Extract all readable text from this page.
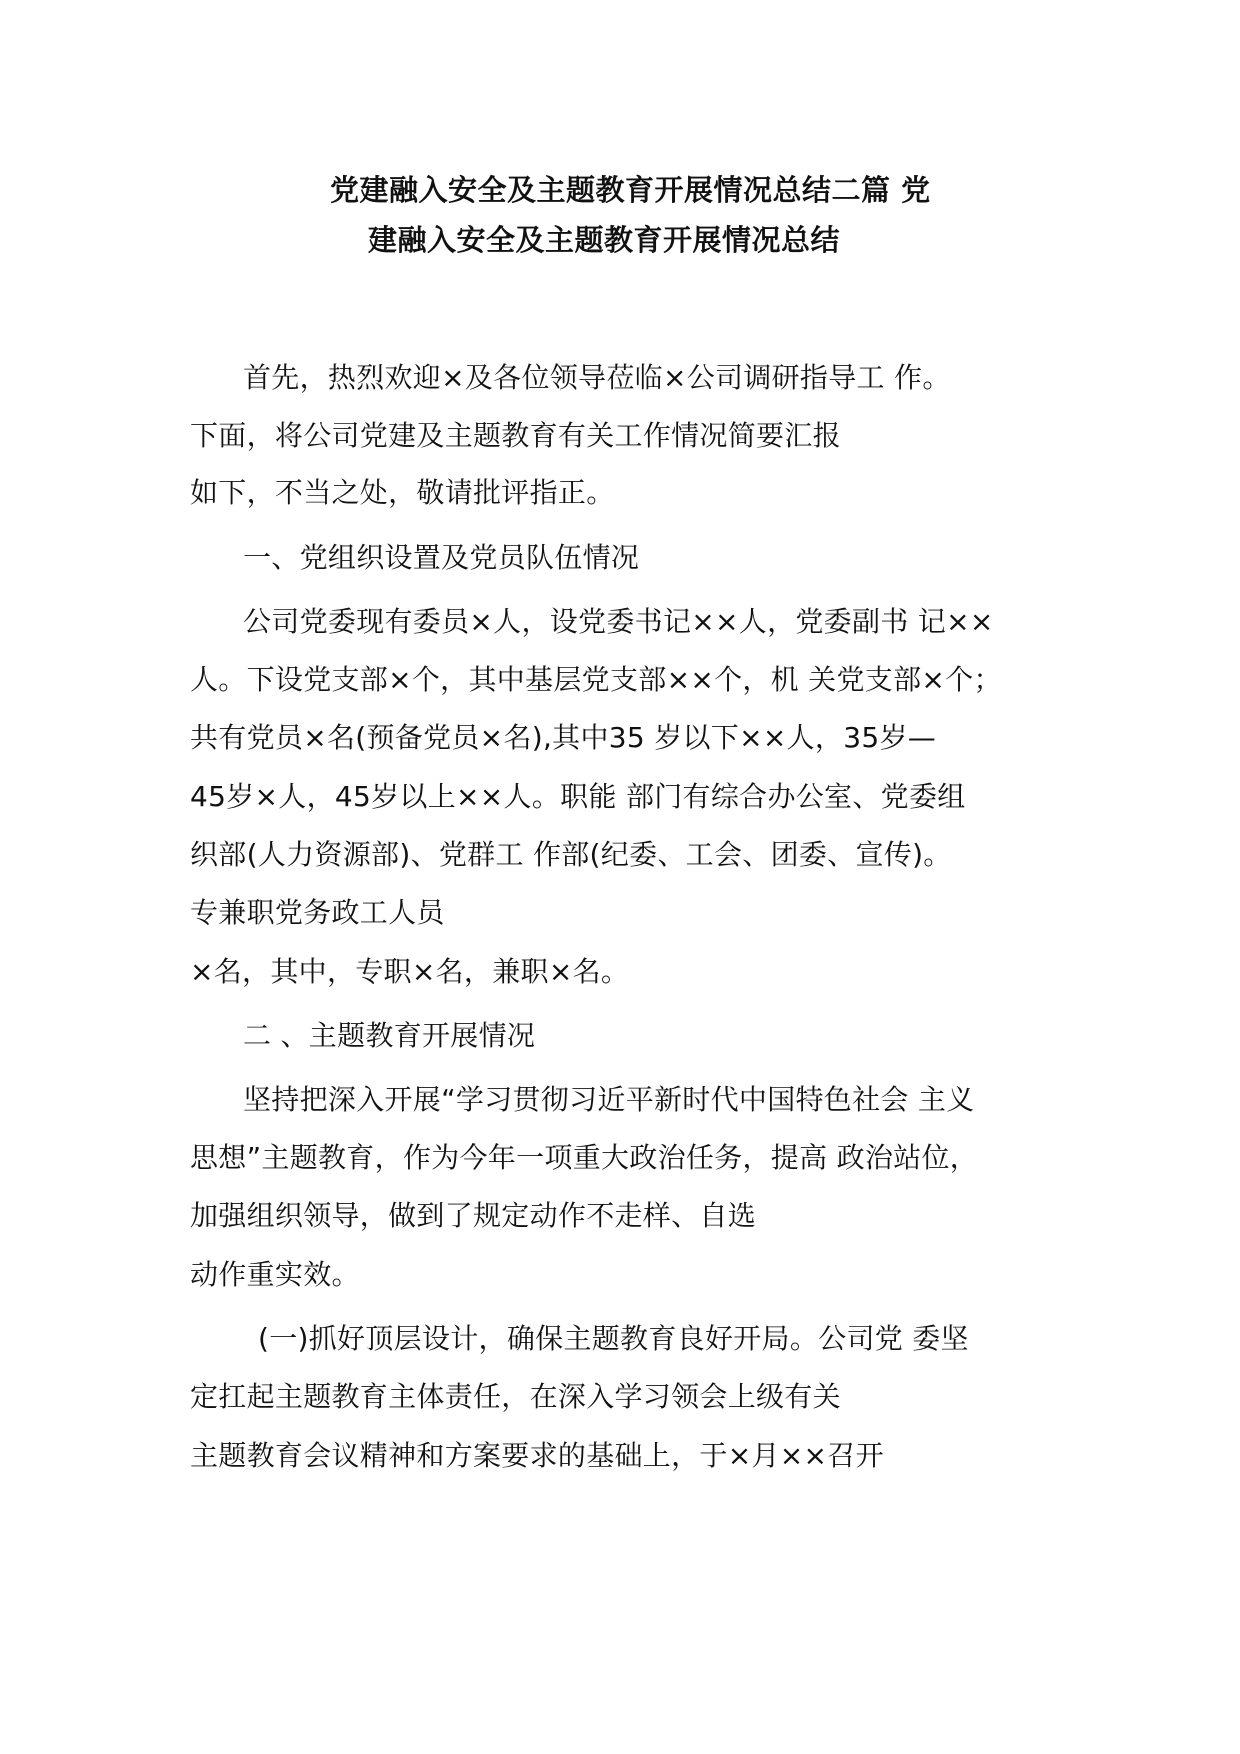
党建融入安全及主题教育开展情况总结二篇 党
建融入安全及主题教育开展情况总结
首先，热烈欢迎×及各位领导莅临×公司调研指导工 作。
下面，将公司党建及主题教育有关工作情况简要汇报
如下，不当之处，敬请批评指正。
一、党组织设置及党员队伍情况
公司党委现有委员×人，设党委书记××人，党委副书 记××
人。下设党支部×个，其中基层党支部××个，机 关党支部×个；
共有党员×名(预备党员×名),其中35 岁以下××人，35岁—
45岁×人，45岁以上××人。职能 部门有综合办公室、党委组
织部(人力资源部)、党群工 作部(纪委、工会、团委、宣传)。
专兼职党务政工人员
×名，其中，专职×名，兼职×名。
二 、主题教育开展情况
坚持把深入开展“学习贯彻习近平新时代中国特色社会 主义
思想”主题教育，作为今年一项重大政治任务，提高 政治站位，
加强组织领导，做到了规定动作不走样、自选
动作重实效。
(一)抓好顶层设计，确保主题教育良好开局。公司党 委坚
定扛起主题教育主体责任，在深入学习领会上级有关
主题教育会议精神和方案要求的基础上，于×月××召开
